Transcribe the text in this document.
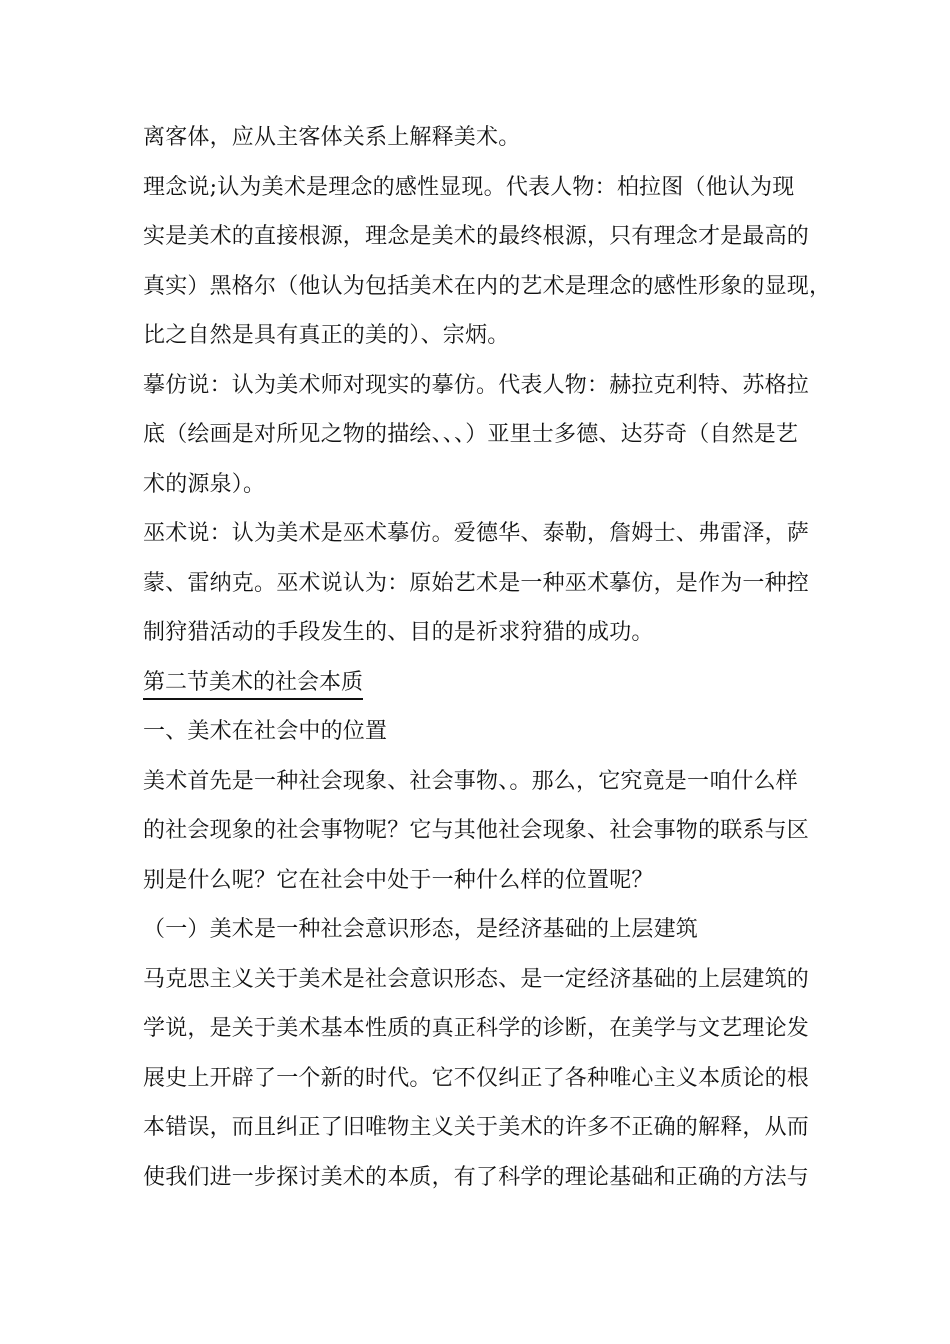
离客体，应从主客体关系上解释美术。
理念说;认为美术是理念的感性显现。代表人物：柏拉图（他认为现
实是美术的直接根源，理念是美术的最终根源，只有理念才是最高的
真实）黑格尔（他认为包括美术在内的艺术是理念的感性形象的显现，
比之自然是具有真正的美的）、宗炳。
摹仿说：认为美术师对现实的摹仿。代表人物：赫拉克利特、苏格拉
底（绘画是对所见之物的描绘、、、）亚里士多德、达芬奇（自然是艺
术的源泉）。
巫术说：认为美术是巫术摹仿。爱德华、泰勒，詹姆士、弗雷泽，萨
蒙、雷纳克。巫术说认为：原始艺术是一种巫术摹仿，是作为一种控
制狩猎活动的手段发生的、目的是祈求狩猎的成功。
第二节美术的社会本质
一、美术在社会中的位置
美术首先是一种社会现象、社会事物、。那么，它究竟是一咱什么样
的社会现象的社会事物呢？它与其他社会现象、社会事物的联系与区
别是什么呢？它在社会中处于一种什么样的位置呢？
（一）美术是一种社会意识形态，是经济基础的上层建筑
马克思主义关于美术是社会意识形态、是一定经济基础的上层建筑的
学说，是关于美术基本性质的真正科学的诊断，在美学与文艺理论发
展史上开辟了一个新的时代。它不仅纠正了各种唯心主义本质论的根
本错误，而且纠正了旧唯物主义关于美术的许多不正确的解释，从而
使我们进一步探讨美术的本质，有了科学的理论基础和正确的方法与
